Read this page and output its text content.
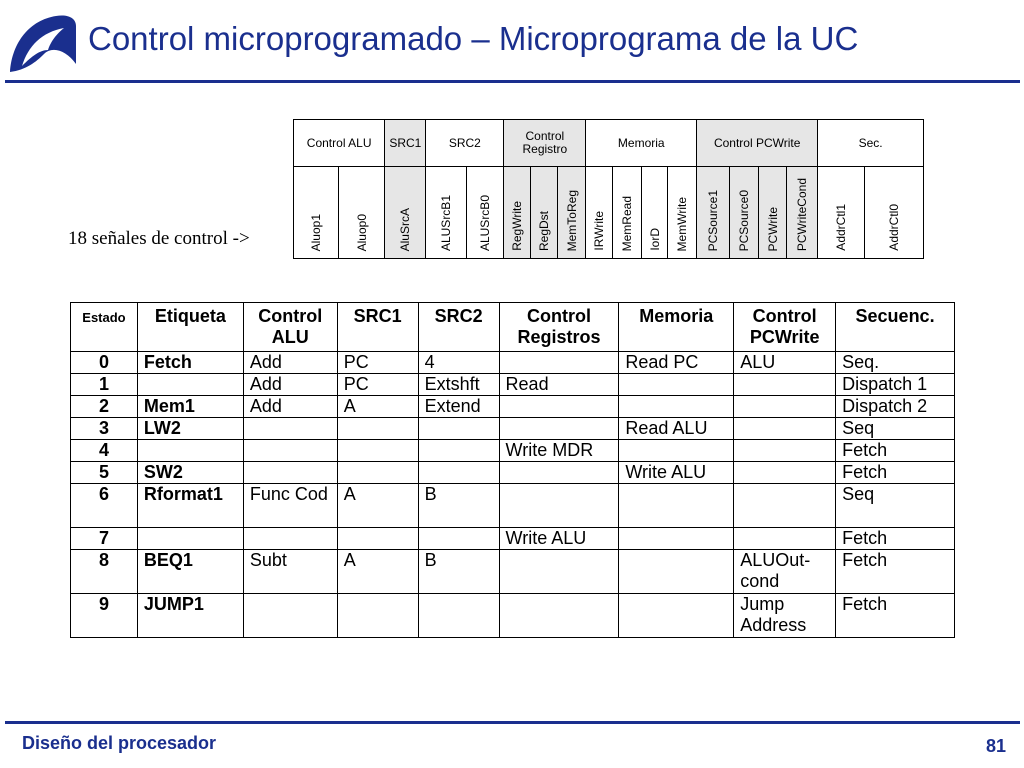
Control microprogramado – Microprograma de la UC
18 señales de control ->
Control ALU		SRC1	SRC2		Control Registro			Memoria				Control PCWrite				Sec.	
Aluop1	Aluop0	AluSrcA	ALUSrcB1	ALUSrcB0	RegWrite	RegDst	MemToReg	IRWrite	MemRead	IorD	MemWrite	PCSource1	PCSource0	PCWrite	PCWriteCond	AddrCtl1	AddrCtl0
Estado	Etiqueta	Control ALU	SRC1	SRC2	Control Registros	Memoria	Control PCWrite	Secuenc.
0	Fetch	Add	PC	4		Read PC	ALU	Seq.
1		Add	PC	Extshft	Read			Dispatch 1
2	Mem1	Add	A	Extend				Dispatch 2
3	LW2					Read ALU		Seq
4					Write MDR			Fetch
5	SW2					Write ALU		Fetch
6	Rformat1	Func Cod	A	B				Seq
7					Write ALU			Fetch
8	BEQ1	Subt	A	B			ALUOut-cond	Fetch
9	JUMP1						Jump Address	Fetch
Diseño del procesador	81
